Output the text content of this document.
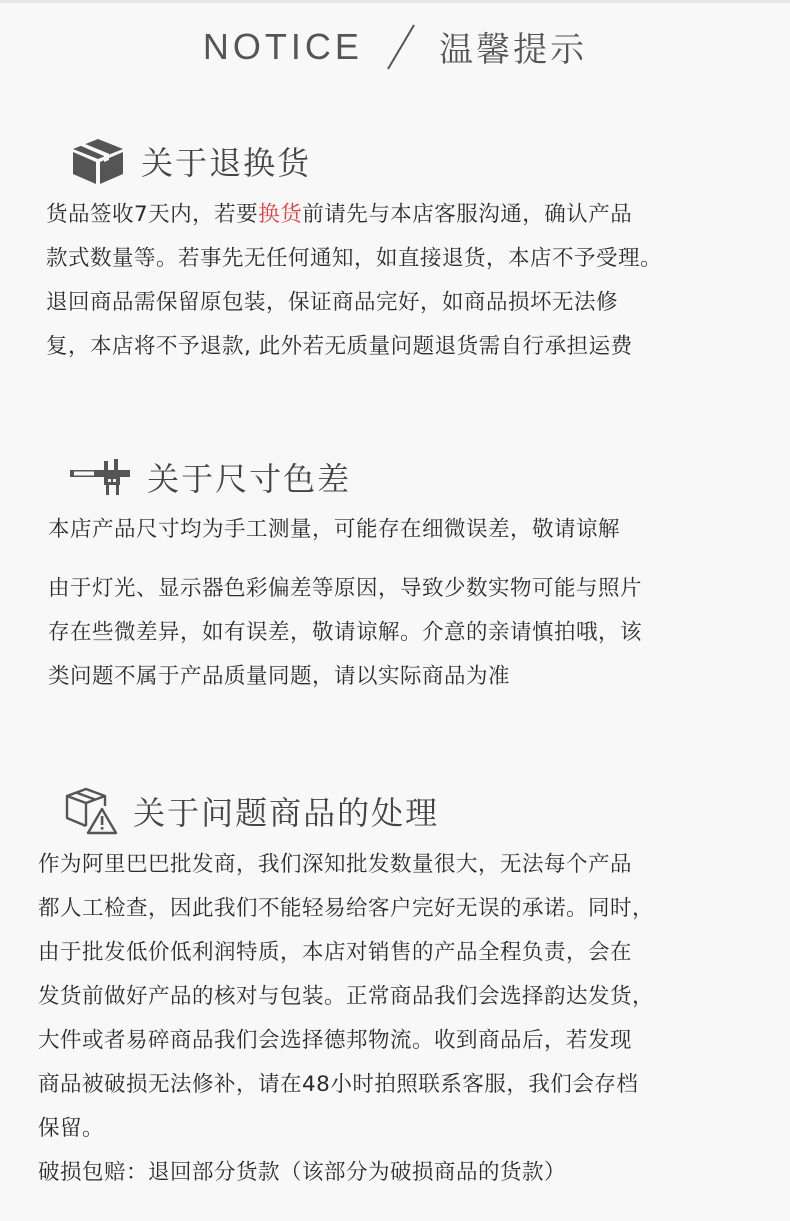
NOTICE 温馨提示
关于退换货
货品签收7天内，若要换货前请先与本店客服沟通，确认产品
款式数量等。若事先无任何通知，如直接退货，本店不予受理。
退回商品需保留原包装，保证商品完好，如商品损坏无法修
复，本店将不予退款, 此外若无质量问题退货需自行承担运费
关于尺寸色差
本店产品尺寸均为手工测量，可能存在细微误差，敬请谅解
由于灯光、显示器色彩偏差等原因，导致少数实物可能与照片
存在些微差异，如有误差，敬请谅解。介意的亲请慎拍哦，该
类问题不属于产品质量同题，请以实际商品为准
关于问题商品的处理
作为阿里巴巴批发商，我们深知批发数量很大，无法每个产品
都人工检查，因此我们不能轻易给客户完好无误的承诺。同时，
由于批发低价低利润特质，本店对销售的产品全程负责，会在
发货前做好产品的核对与包装。正常商品我们会选择韵达发货，
大件或者易碎商品我们会选择德邦物流。收到商品后，若发现
商品被破损无法修补，请在48小时拍照联系客服，我们会存档
保留。
破损包赔：退回部分货款（该部分为破损商品的货款）
